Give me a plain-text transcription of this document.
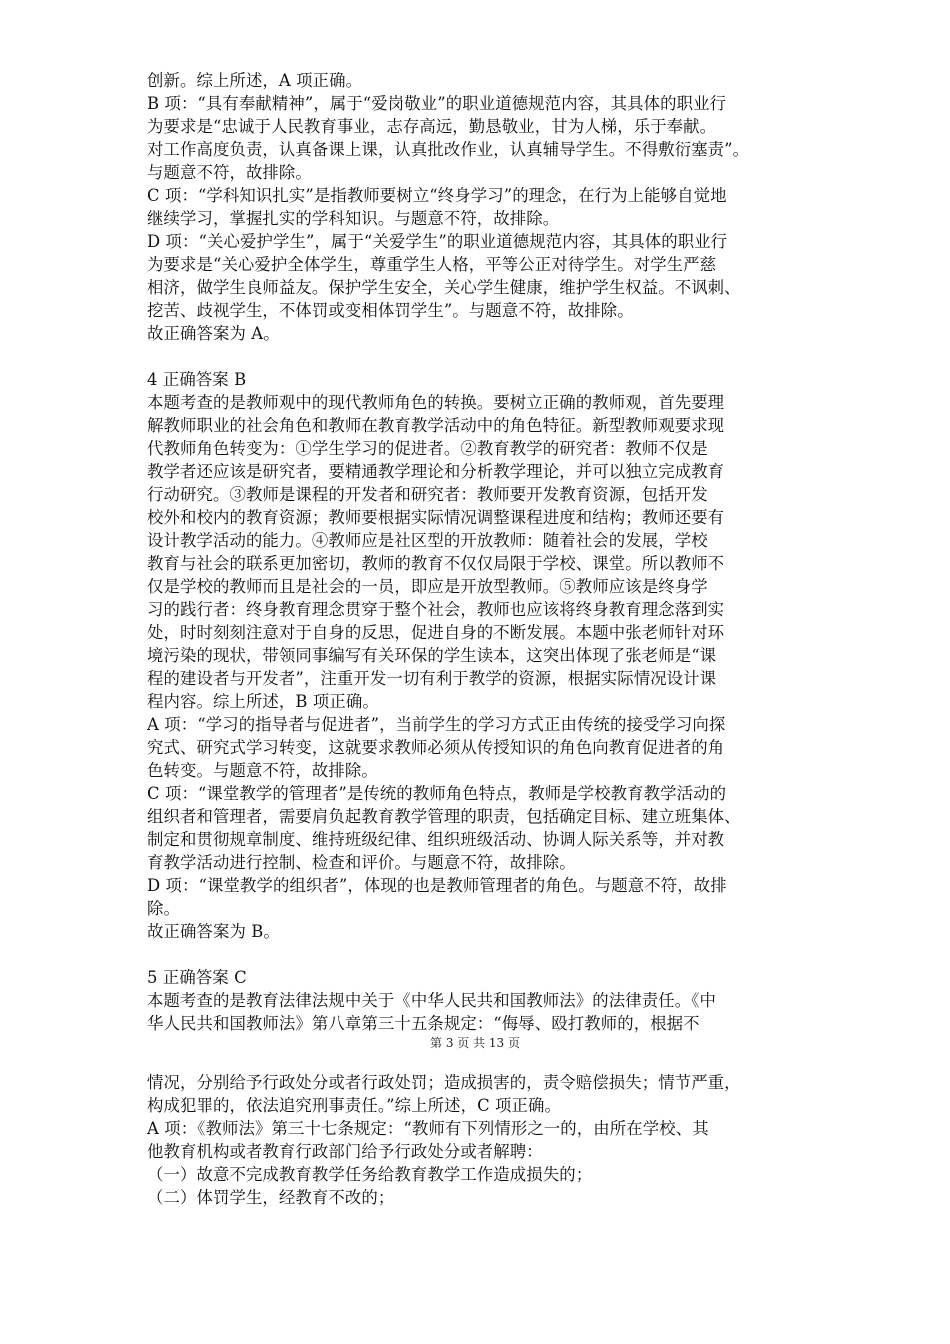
创新。综上所述，A 项正确。

B 项：“具有奉献精神”，属于“爱岗敬业”的职业道德规范内容，其具体的职业行

为要求是“忠诚于人民教育事业，志存高远，勤恳敬业，甘为人梯，乐于奉献。

对工作高度负责，认真备课上课，认真批改作业，认真辅导学生。不得敷衍塞责”。

与题意不符，故排除。

C 项：“学科知识扎实”是指教师要树立“终身学习”的理念，在行为上能够自觉地

继续学习，掌握扎实的学科知识。与题意不符，故排除。

D 项：“关心爱护学生”，属于“关爱学生”的职业道德规范内容，其具体的职业行

为要求是“关心爱护全体学生，尊重学生人格，平等公正对待学生。对学生严慈

相济，做学生良师益友。保护学生安全，关心学生健康，维护学生权益。不讽刺、

挖苦、歧视学生，不体罚或变相体罚学生”。与题意不符，故排除。

故正确答案为 A。

4 正确答案 B

本题考查的是教师观中的现代教师角色的转换。要树立正确的教师观，首先要理

解教师职业的社会角色和教师在教育教学活动中的角色特征。新型教师观要求现

代教师角色转变为：①学生学习的促进者。②教育教学的研究者：教师不仅是

教学者还应该是研究者，要精通教学理论和分析教学理论，并可以独立完成教育

行动研究。③教师是课程的开发者和研究者：教师要开发教育资源，包括开发

校外和校内的教育资源；教师要根据实际情况调整课程进度和结构；教师还要有

设计教学活动的能力。④教师应是社区型的开放教师：随着社会的发展，学校

教育与社会的联系更加密切，教师的教育不仅仅局限于学校、课堂。所以教师不

仅是学校的教师而且是社会的一员，即应是开放型教师。⑤教师应该是终身学

习的践行者：终身教育理念贯穿于整个社会，教师也应该将终身教育理念落到实

处，时时刻刻注意对于自身的反思，促进自身的不断发展。本题中张老师针对环

境污染的现状，带领同事编写有关环保的学生读本，这突出体现了张老师是“课

程的建设者与开发者”，注重开发一切有利于教学的资源，根据实际情况设计课

程内容。综上所述，B 项正确。

A 项：“学习的指导者与促进者”，当前学生的学习方式正由传统的接受学习向探

究式、研究式学习转变，这就要求教师必须从传授知识的角色向教育促进者的角

色转变。与题意不符，故排除。

C 项：“课堂教学的管理者”是传统的教师角色特点，教师是学校教育教学活动的

组织者和管理者，需要肩负起教育教学管理的职责，包括确定目标、建立班集体、

制定和贯彻规章制度、维持班级纪律、组织班级活动、协调人际关系等，并对教

育教学活动进行控制、检查和评价。与题意不符，故排除。

D 项：“课堂教学的组织者”，体现的也是教师管理者的角色。与题意不符，故排

除。

故正确答案为 B。

5 正确答案 C

本题考查的是教育法律法规中关于《中华人民共和国教师法》的法律责任。《中

华人民共和国教师法》第八章第三十五条规定：“侮辱、殴打教师的，根据不

第 3 页 共 13 页

情况，分别给予行政处分或者行政处罚；造成损害的，责令赔偿损失；情节严重，

构成犯罪的，依法追究刑事责任。”综上所述，C 项正确。

A 项：《教师法》第三十七条规定：“教师有下列情形之一的，由所在学校、其

他教育机构或者教育行政部门给予行政处分或者解聘：

（一）故意不完成教育教学任务给教育教学工作造成损失的；

（二）体罚学生，经教育不改的；
